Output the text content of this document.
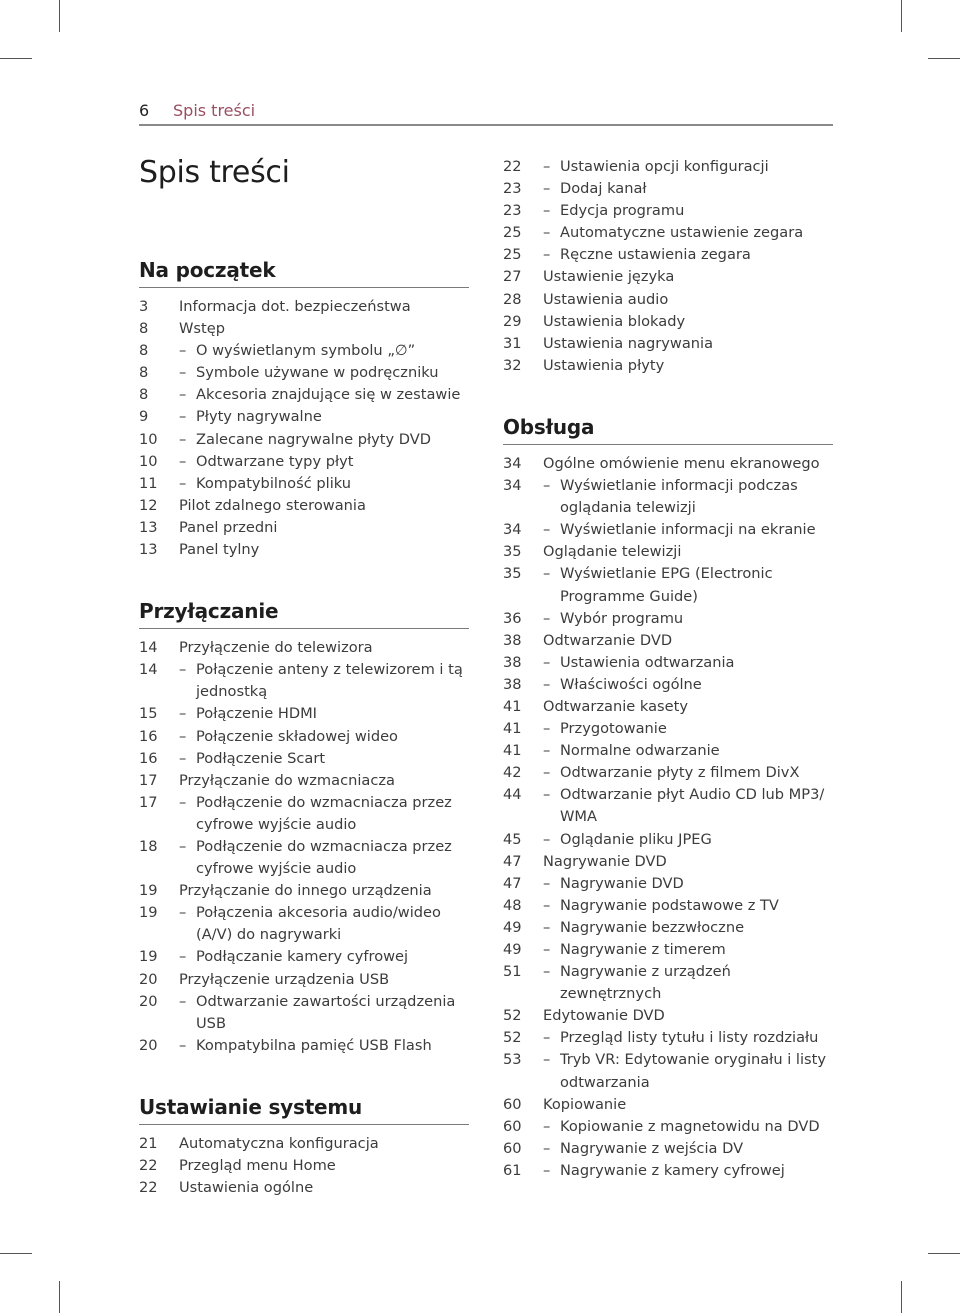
6 Spis treści
Spis treści
Na początek
3	Informacja dot. bezpieczeństwa
8	Wstęp
8	– O wyświetlanym symbolu „∅”
8	– Symbole używane w podręczniku
8	– Akcesoria znajdujące się w zestawie
9	– Płyty nagrywalne
10	– Zalecane nagrywalne płyty DVD
10	– Odtwarzane typy płyt
11	– Kompatybilność pliku
12	Pilot zdalnego sterowania
13	Panel przedni
13	Panel tylny
Przyłączanie
14	Przyłączenie do telewizora
14	– Połączenie anteny z telewizorem i tą jednostką
15	– Połączenie HDMI
16	– Połączenie składowej wideo
16	– Podłączenie Scart
17	Przyłączanie do wzmacniacza
17	– Podłączenie do wzmacniacza przez cyfrowe wyjście audio
18	– Podłączenie do wzmacniacza przez cyfrowe wyjście audio
19	Przyłączanie do innego urządzenia
19	– Połączenia akcesoria audio/wideo (A/V) do nagrywarki
19	– Podłączanie kamery cyfrowej
20	Przyłączenie urządzenia USB
20	– Odtwarzanie zawartości urządzenia USB
20	– Kompatybilna pamięć USB Flash
Ustawianie systemu
21	Automatyczna konfiguracja
22	Przegląd menu Home
22	Ustawienia ogólne
22	– Ustawienia opcji konfiguracji
23	– Dodaj kanał
23	– Edycja programu
25	– Automatyczne ustawienie zegara
25	– Ręczne ustawienia zegara
27	Ustawienie języka
28	Ustawienia audio
29	Ustawienia blokady
31	Ustawienia nagrywania
32	Ustawienia płyty
Obsługa
34	Ogólne omówienie menu ekranowego
34	– Wyświetlanie informacji podczas oglądania telewizji
34	– Wyświetlanie informacji na ekranie
35	Oglądanie telewizji
35	– Wyświetlanie EPG (Electronic Programme Guide)
36	– Wybór programu
38	Odtwarzanie DVD
38	– Ustawienia odtwarzania
38	– Właściwości ogólne
41	Odtwarzanie kasety
41	– Przygotowanie
41	– Normalne odwarzanie
42	– Odtwarzanie płyty z filmem DivX
44	– Odtwarzanie płyt Audio CD lub MP3/ WMA
45	– Oglądanie pliku JPEG
47	Nagrywanie DVD
47	– Nagrywanie DVD
48	– Nagrywanie podstawowe z TV
49	– Nagrywanie bezzwłoczne
49	– Nagrywanie z timerem
51	– Nagrywanie z urządzeń zewnętrznych
52	Edytowanie DVD
52	– Przegląd listy tytułu i listy rozdziału
53	– Tryb VR: Edytowanie oryginału i listy odtwarzania
60	Kopiowanie
60	– Kopiowanie z magnetowidu na DVD
60	– Nagrywanie z wejścia DV
61	– Nagrywanie z kamery cyfrowej
